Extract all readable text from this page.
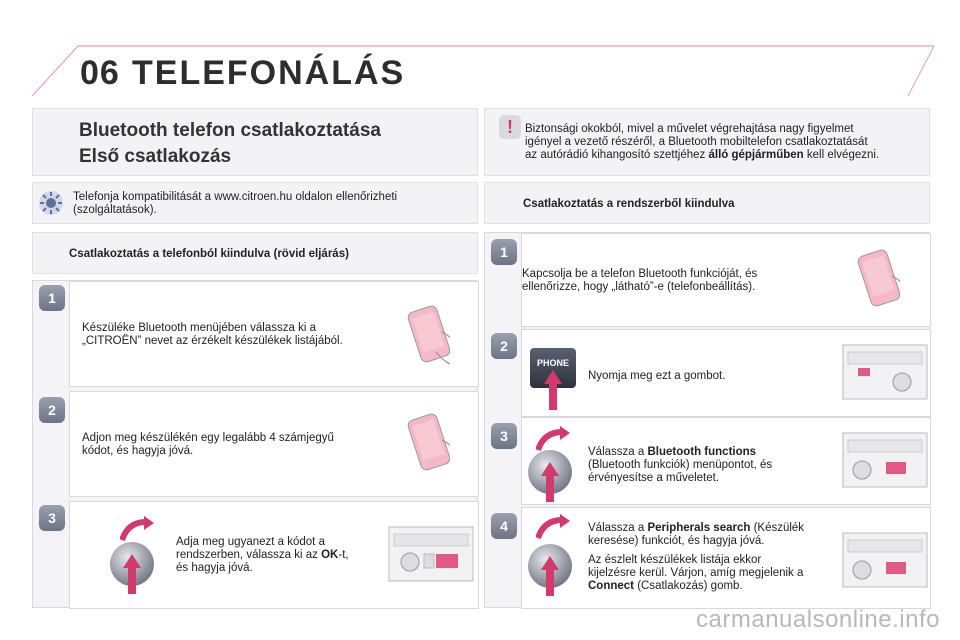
06 TELEFONÁLÁS
Bluetooth telefon csatlakoztatása
Első csatlakozás
!	Biztonsági okokból, mivel a művelet végrehajtása nagy figyelmet
igényel a vezető részéről, a Bluetooth mobiltelefon csatlakoztatását
az autórádió kihangosító szettjéhez álló gépjárműben kell elvégezni.
Telefonja kompatibilitását a www.citroen.hu oldalon ellenőrizheti
(szolgáltatások).
Csatlakoztatás a telefonból kiindulva (rövid eljárás)
1
Készüléke Bluetooth menüjében válassza ki a
„CITROËN” nevet az érzékelt készülékek listájából.
2
Adjon meg készülékén egy legalább 4 számjegyű
kódot, és hagyja jóvá.
3
Adja meg ugyanezt a kódot a
rendszerben, válassza ki az OK-t,
és hagyja jóvá.
Csatlakoztatás a rendszerből kiindulva
1
Kapcsolja be a telefon Bluetooth funkcióját, és
ellenőrizze, hogy „látható”-e (telefonbeállítás).
2
PHONE
Nyomja meg ezt a gombot.
3
Válassza a Bluetooth functions
(Bluetooth funkciók) menüpontot, és
érvényesítse a műveletet.
4	Válassza a Peripherals search (Készülék
keresése) funkciót, és hagyja jóvá.
Az észlelt készülékek listája ekkor
kijelzésre kerül. Várjon, amíg megjelenik a
Connect (Csatlakozás) gomb.
carmanualsonline.info
